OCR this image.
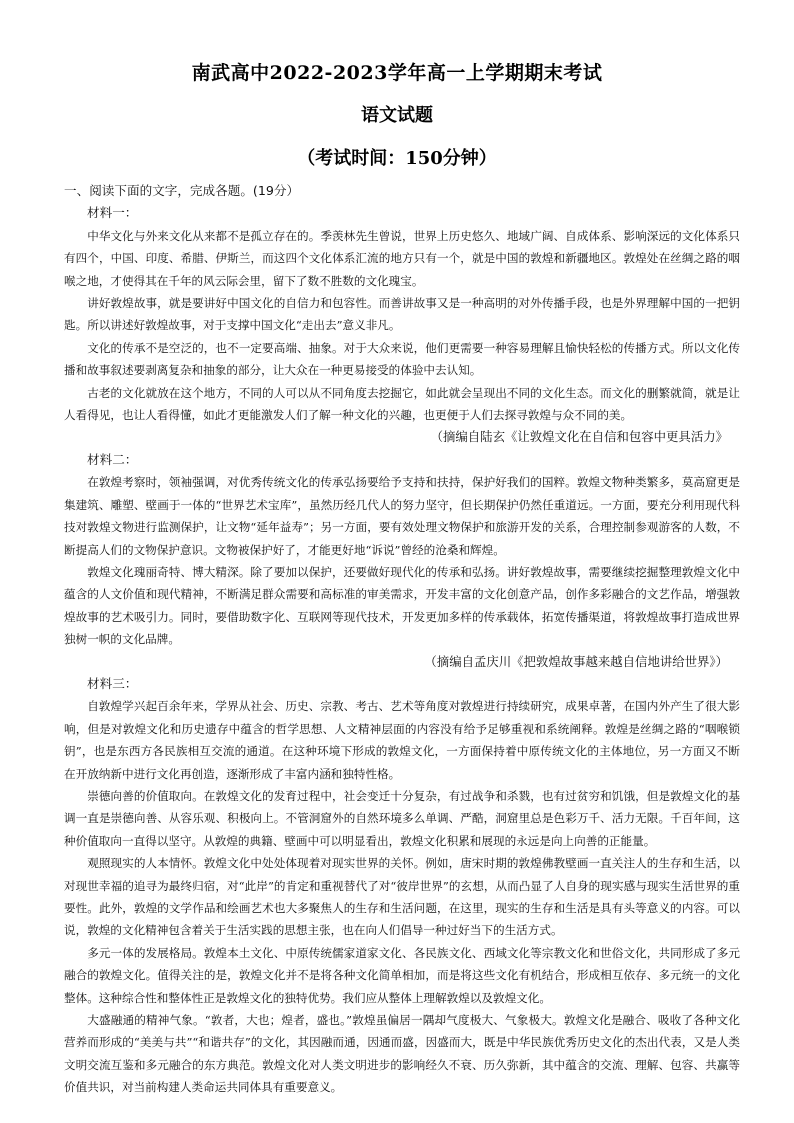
南武高中2022-2023学年高一上学期期末考试
语文试题
（考试时间：150分钟）

一、阅读下面的文字，完成各题。(19分）

材料一：

中华文化与外来文化从来都不是孤立存在的。季羡林先生曾说，世界上历史悠久、地域广阔、自成体系、影响深远的文化体系只有四个，中国、印度、希腊、伊斯兰，而这四个文化体系汇流的地方只有一个，就是中国的敦煌和新疆地区。敦煌处在丝绸之路的咽喉之地，才使得其在千年的风云际会里，留下了数不胜数的文化瑰宝。

讲好敦煌故事，就是要讲好中国文化的自信力和包容性。而善讲故事又是一种高明的对外传播手段，也是外界理解中国的一把钥匙。所以讲述好敦煌故事，对于支撑中国文化“走出去”意义非凡。

文化的传承不是空泛的，也不一定要高端、抽象。对于大众来说，他们更需要一种容易理解且愉快轻松的传播方式。所以文化传播和故事叙述要剥离复杂和抽象的部分，让大众在一种更易接受的体验中去认知。

古老的文化就放在这个地方，不同的人可以从不同角度去挖掘它，如此就会呈现出不同的文化生态。而文化的删繁就简，就是让人看得见，也让人看得懂，如此才更能激发人们了解一种文化的兴趣，也更便于人们去探寻敦煌与众不同的美。

（摘编自陆玄《让敦煌文化在自信和包容中更具活力》

材料二：

在敦煌考察时，领袖强调，对优秀传统文化的传承弘扬要给予支持和扶持，保护好我们的国粹。敦煌文物种类繁多，莫高窟更是集建筑、雕塑、壁画于一体的“世界艺术宝库”，虽然历经几代人的努力坚守，但长期保护仍然任重道远。一方面，要充分利用现代科技对敦煌文物进行监测保护，让文物“延年益寿”；另一方面，要有效处理文物保护和旅游开发的关系，合理控制参观游客的人数，不断提高人们的文物保护意识。文物被保护好了，才能更好地“诉说”曾经的沧桑和辉煌。

敦煌文化瑰丽奇特、博大精深。除了要加以保护，还要做好现代化的传承和弘扬。讲好敦煌故事，需要继续挖掘整理敦煌文化中蕴含的人文价值和现代精神，不断满足群众需要和高标准的审美需求，开发丰富的文化创意产品，创作多彩融合的文艺作品，增强敦煌故事的艺术吸引力。同时，要借助数字化、互联网等现代技术，开发更加多样的传承载体，拓宽传播渠道，将敦煌故事打造成世界独树一帜的文化品牌。

（摘编自孟庆川《把敦煌故事越来越自信地讲给世界》）

材料三：

自敦煌学兴起百余年来，学界从社会、历史、宗教、考古、艺术等角度对敦煌进行持续研究，成果卓著，在国内外产生了很大影响，但是对敦煌文化和历史遗存中蕴含的哲学思想、人文精神层面的内容没有给予足够重视和系统阐释。敦煌是丝绸之路的“咽喉锁钥”，也是东西方各民族相互交流的通道。在这种环境下形成的敦煌文化，一方面保持着中原传统文化的主体地位，另一方面又不断在开放纳新中进行文化再创造，逐渐形成了丰富内涵和独特性格。

崇德向善的价值取向。在敦煌文化的发育过程中，社会变迁十分复杂，有过战争和杀戮，也有过贫穷和饥饿，但是敦煌文化的基调一直是崇德向善、从容乐观、积极向上。不管洞窟外的自然环境多么单调、严酷，洞窟里总是色彩万千、活力无限。千百年间，这种价值取向一直得以坚守。从敦煌的典籍、壁画中可以明显看出，敦煌文化积累和展现的永远是向上向善的正能量。

观照现实的人本情怀。敦煌文化中处处体现着对现实世界的关怀。例如，唐宋时期的敦煌佛教壁画一直关注人的生存和生活，以对现世幸福的追寻为最终归宿，对“此岸”的肯定和重视替代了对“彼岸世界”的玄想，从而凸显了人自身的现实感与现实生活世界的重要性。此外，敦煌的文学作品和绘画艺术也大多聚焦人的生存和生活问题，在这里，现实的生存和生活是具有头等意义的内容。可以说，敦煌的文化精神包含着关于生活实践的思想主张，也在向人们倡导一种过好当下的生活方式。

多元一体的发展格局。敦煌本土文化、中原传统儒家道家文化、各民族文化、西域文化等宗教文化和世俗文化，共同形成了多元融合的敦煌文化。值得关注的是，敦煌文化并不是将各种文化简单相加，而是将这些文化有机结合，形成相互依存、多元统一的文化整体。这种综合性和整体性正是敦煌文化的独特优势。我们应从整体上理解敦煌以及敦煌文化。

大盛融通的精神气象。“敦者，大也；煌者，盛也。”敦煌虽偏居一隅却气度极大、气象极大。敦煌文化是融合、吸收了各种文化营养而形成的“美美与共”“和谐共存”的文化，其因融而通，因通而盛，因盛而大，既是中华民族优秀历史文化的杰出代表，又是人类文明交流互鉴和多元融合的东方典范。敦煌文化对人类文明进步的影响经久不衰、历久弥新，其中蕴含的交流、理解、包容、共赢等价值共识，对当前构建人类命运共同体具有重要意义。
